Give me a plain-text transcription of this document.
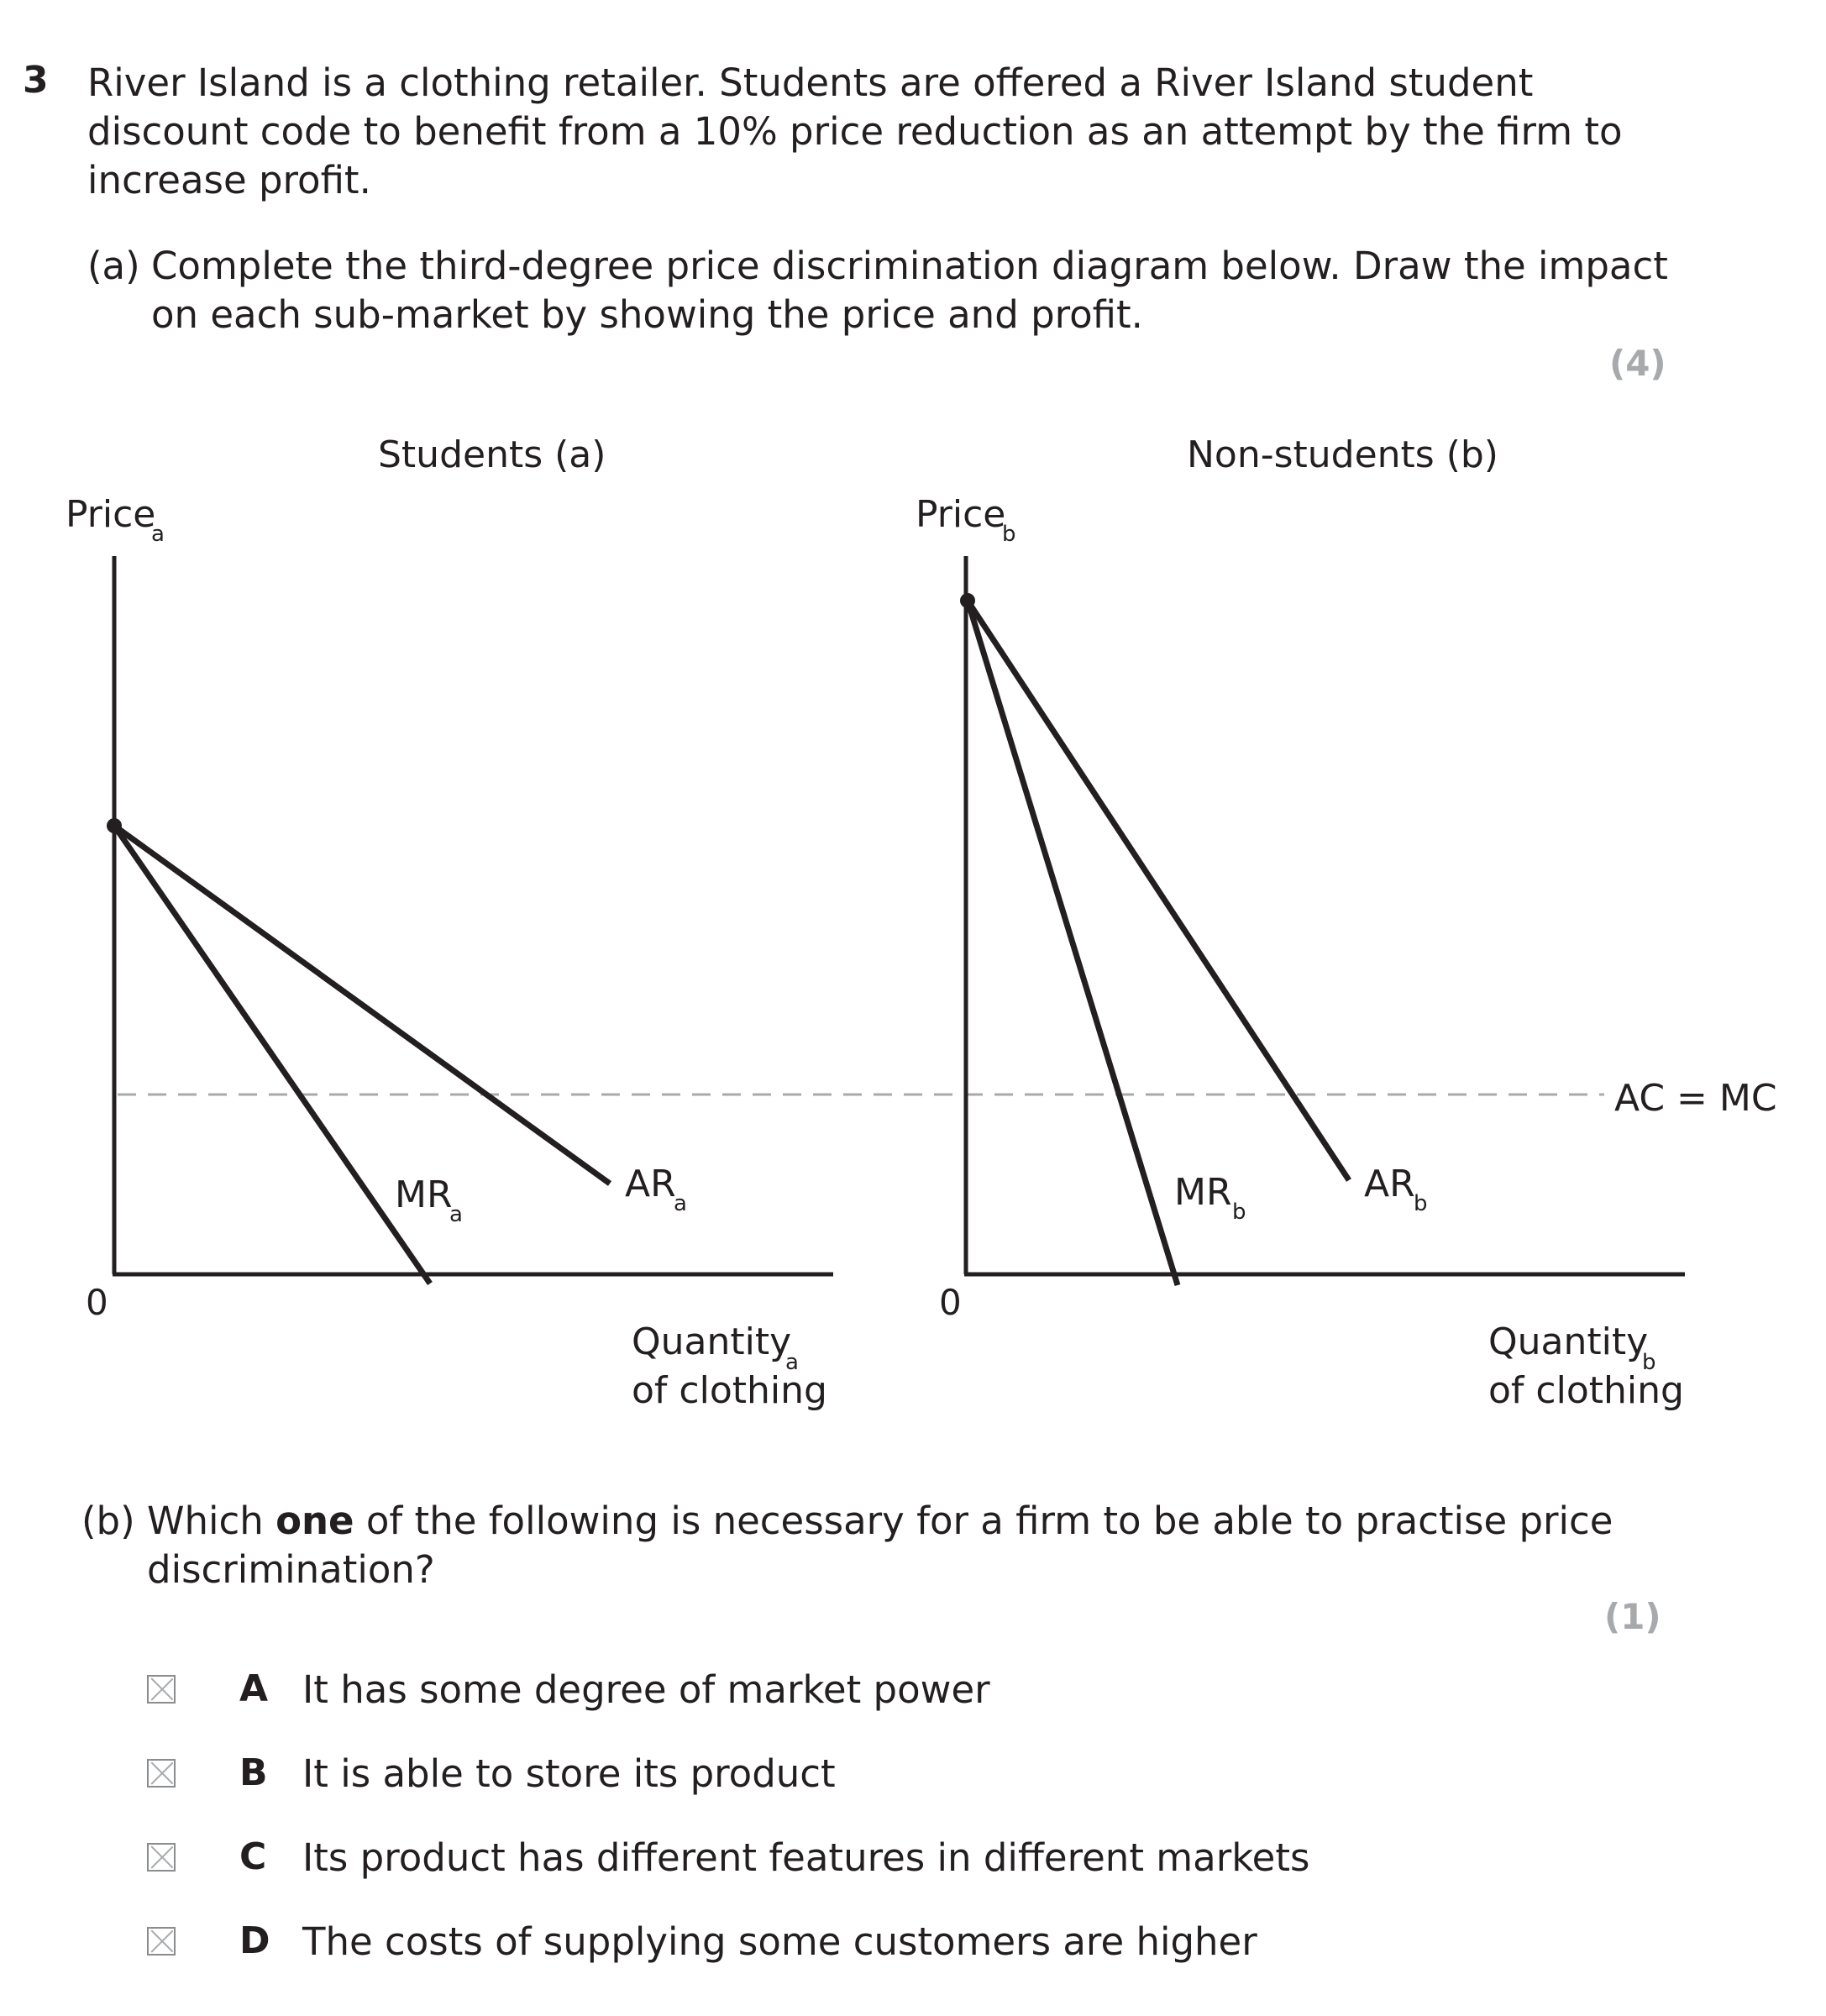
3 River Island is a clothing retailer. Students are offered a River Island student
discount code to benefit from a 10% price reduction as an attempt by the firm to
increase profit.
(a) Complete the third-degree price discrimination diagram below. Draw the impact
on each sub-market by showing the price and profit.
(4)
AC = MC
Students (a)
Price
a
0
MR
a
AR
a
Quantity
a
of clothing
Non-students (b)
Price
b
0
MR b
AR
b
Quantity
b
of clothing
(b) Which one of the following is necessary for a firm to be able to practise price
discrimination?
(1)
A It has some degree of market power
B It is able to store its product
C Its product has different features in different markets
D The costs of supplying some customers are higher
